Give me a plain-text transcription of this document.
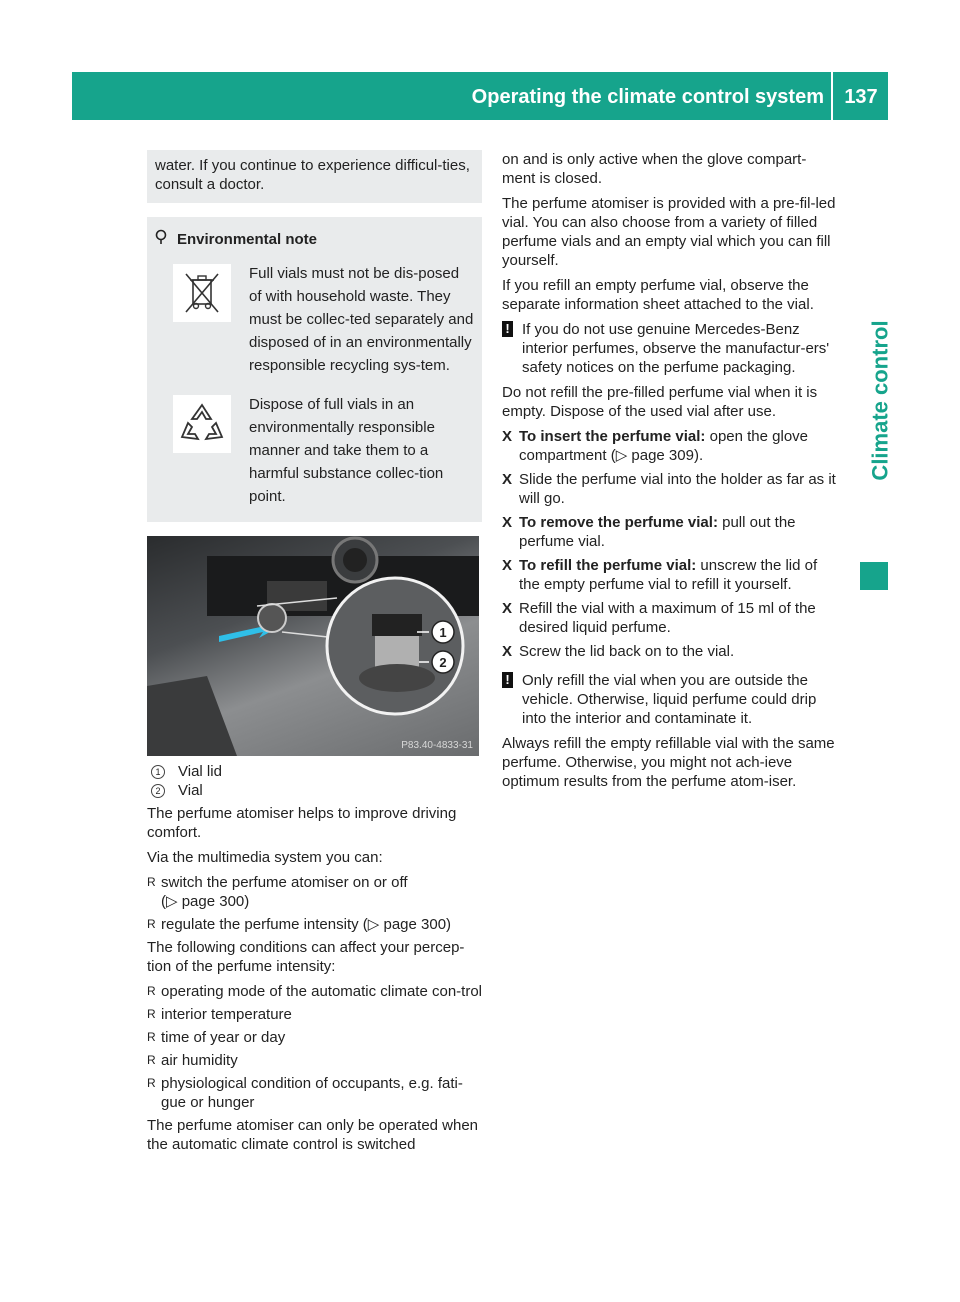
Operating the climate control system	137
Climate control
water. If you continue to experience difficul-ties, consult a doctor.
Environmental note
Full vials must not be dis-posed of with household waste. They must be collec-ted separately and disposed of in an environmentally responsible recycling sys-tem.
Dispose of full vials in an environmentally responsible manner and take them to a harmful substance collec-tion point.
1
2
P83.40-4833-31
1	Vial lid
2	Vial

The perfume atomiser helps to improve driving comfort.

Via the multimedia system you can:

R switch the perfume atomiser on or off
(▷ page 300)
R regulate the perfume intensity (▷ page 300)

The following conditions can affect your percep-tion of the perfume intensity:

R operating mode of the automatic climate con-trol
R interior temperature
R time of year or day
R air humidity
R physiological condition of occupants, e.g. fati-gue or hunger

The perfume atomiser can only be operated when the automatic climate control is switched

on and is only active when the glove compart-ment is closed.

The perfume atomiser is provided with a pre-fil-led vial. You can also choose from a variety of filled perfume vials and an empty vial which you can fill yourself.

If you refill an empty perfume vial, observe the separate information sheet attached to the vial.

! If you do not use genuine Mercedes-Benz interior perfumes, observe the manufactur-ers' safety notices on the perfume packaging.

Do not refill the pre-filled perfume vial when it is empty. Dispose of the used vial after use.

X To insert the perfume vial: open the glove compartment (▷ page 309).
X Slide the perfume vial into the holder as far as it will go.
X To remove the perfume vial: pull out the perfume vial.
X To refill the perfume vial: unscrew the lid of the empty perfume vial to refill it yourself.
X Refill the vial with a maximum of 15 ml of the desired liquid perfume.
X Screw the lid back on to the vial.
! Only refill the vial when you are outside the vehicle. Otherwise, liquid perfume could drip into the interior and contaminate it.

Always refill the empty refillable vial with the same perfume. Otherwise, you might not ach-ieve optimum results from the perfume atom-iser.
